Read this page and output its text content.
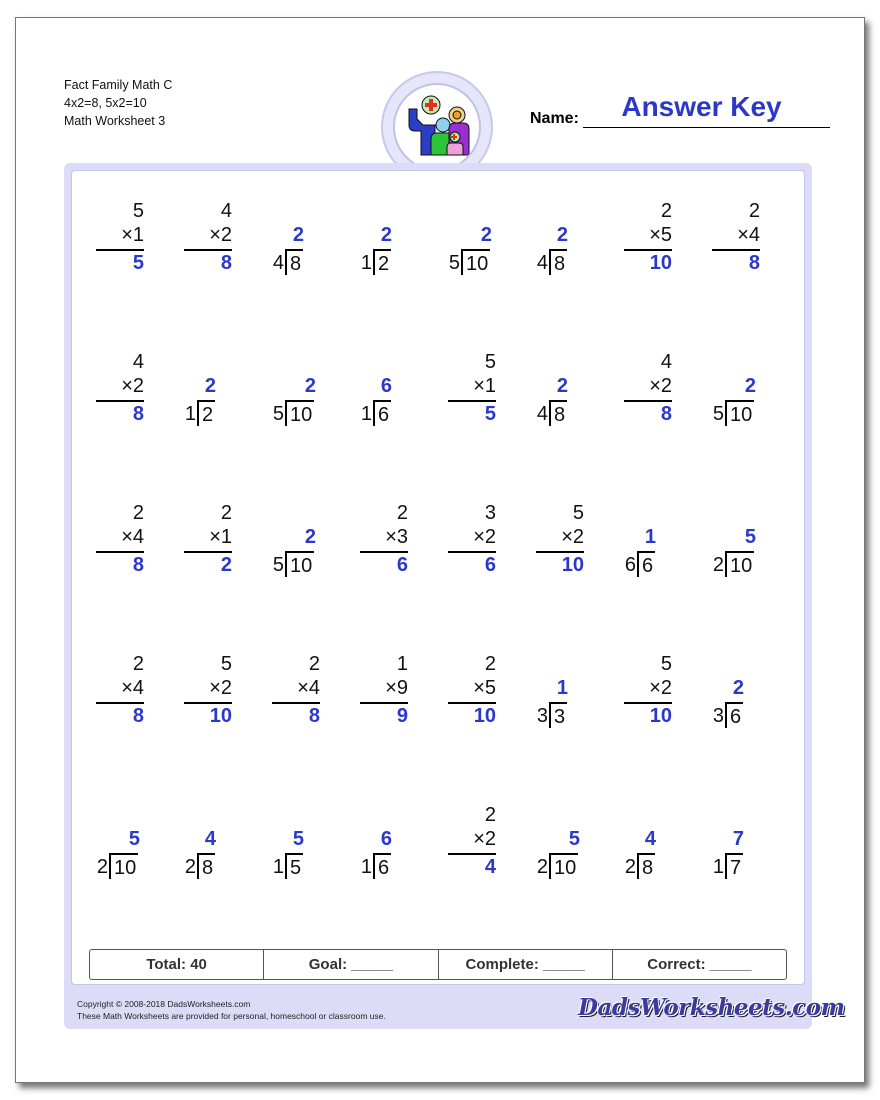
Fact Family Math C
4x2=8, 5x2=10
Math Worksheet 3	Answer Key
Name:
5
×1
5
4
×2
8
2
4 8
2
1 2
2
5 10
2
4 8
2
×5
10
2
×4
8
4
×2
8
2
1 2
2
5 10
6
1 6
5
×1
5
2
4 8
4
×2
8
2
5 10
2
×4
8
2
×1
2
2
5 10
2
×3
6
3
×2
6
5
×2
10
1
6 6
5
2 10
2
×4
8
5
×2
10
2
×4
8
1
×9
9
2
×5
10
1
3 3
5
×2
10
2
3 6
5
2 10
4
2 8
5
1 5
6
1 6
2
×2
4
5
2 10
4
2 8
7
1 7
Total: 40	Goal: _____	Complete: _____	Correct: _____
Copyright © 2008-2018 DadsWorksheets.com
These Math Worksheets are provided for personal, homeschool or classroom use.	DadsWorksheets.com
